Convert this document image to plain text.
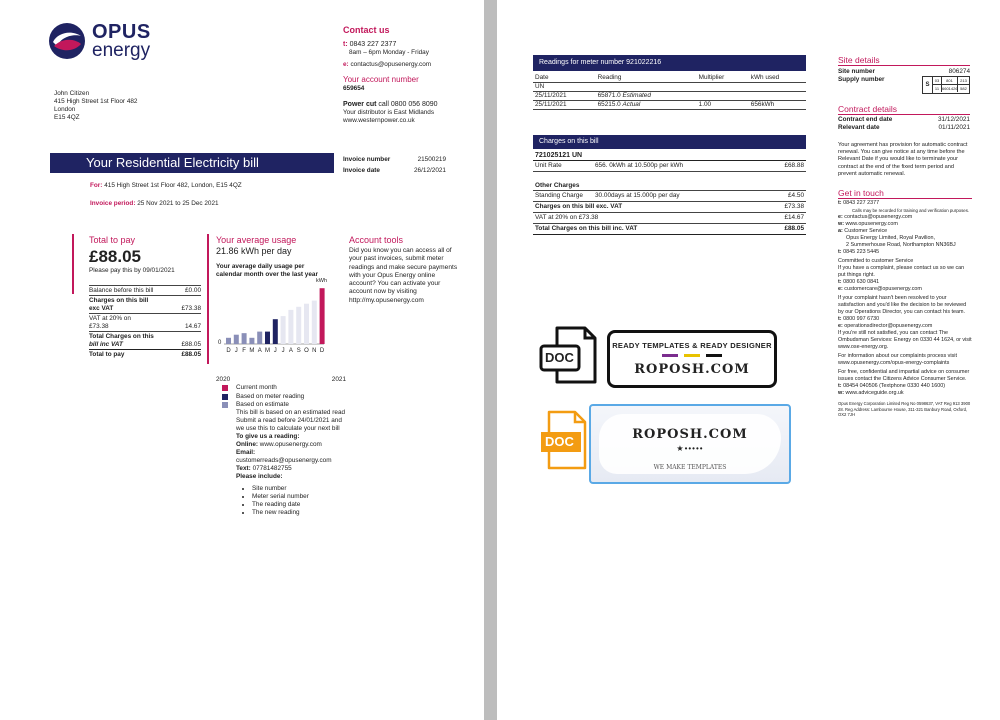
OPUS
energy
John Citizen
415 High Street 1st Floor 482
London
E15 4QZ
Contact us
t: 0843 227 2377
8am – 6pm Monday - Friday
e: contactus@opusenergy.com
Your account number
659654
Power cut call 0800 056 8090
Your distributor is East Midlands
www.westernpower.co.uk
Your Residential Electricity bill	Invoice number	21500219
Invoice date	26/12/2021
For: 415 High Street 1st Floor 482, London, E15 4QZ
Invoice period: 25 Nov 2021 to 25 Dec 2021
Total to pay
£88.05
Please pay this by 09/01/2021
Balance before this bill	£0.00
Charges on this bill
exc VAT	£73.38
VAT at 20% on
£73.38	14.67
Total Charges on this
bill inc VAT	£88.05
Total to pay	£88.05
Your average usage
21.86 kWh per day
Your average daily usage per calendar month over the last year
kWh
0
D J F M A M J J A S O N D
2020	2021
Current month
Based on meter reading
Based on estimate
This bill is based on an estimated read Submit a read before 24/01/2021 and we use this to calculate your next bill
To give us a reading:
Online: www.opusenergy.com
Email: customerreads@opusenergy.com
Text: 07781482755
Please include:
• Site number
• Meter serial number
• The reading date
• The new reading
Account tools
Did you know you can access all of your past invoices, submit meter readings and make secure payments with your Opus Energy online account? You can activate your account now by visiting http://my.opusenergy.com
Readings for meter number 921022216
Date	Reading	Multiplier	kWh used
UN			
25/11/2021	65871.0 Estimated		
25/11/2021	65215.0 Actual	1.00	656kWh
Charges on this bill
721025121 UN
Unit Rate	656. 0kWh at 10.500p per kWh	£68.88
Other Charges
Standing Charge	30.00days at 15.000p per day	£4.50
Charges on this bill exc. VAT	£73.38
VAT at 20% on £73.38	£14.67
Total Charges on this bill inc. VAT	£88.05
DOC
READY TEMPLATES & READY DESIGNER
ROPOSH.COM
DOC	ROPOSH.COM
★•••••
WE MAKE TEMPLATES
Site details
Site number	806274
Supply number
S
03	801	213
11 6601426 582
Contract details
Contract end date	31/12/2021
Relevant date	01/11/2021
Your agreement has provision for automatic contract renewal. You can give notice at any time before the Relevant Date if you would like to terminate your contract at the end of the fixed term period and prevent automatic renewal.
Get in touch
t: 0843 227 2377
Calls may be recorded for training and verification purposes.
e: contactus@opusenergy.com
w: www.opusenergy.com
a: Customer Service
Opus Energy Limited, Royal Pavilion,
2 Summerhouse Road, Northampton NN36BJ
t: 0845 223 5445
Committed to customer Service
If you have a complaint, please contact us so we can put things right.
t: 0800 630 0841
e: customercare@opusenergy.com
If your complaint hasn't been resolved to your satisfaction and you'd like the decision to be reviewed by our Operations Director, you can contact his team.
t: 0800 997 6730
e: operationsdirector@opusenergy.com
If you're still not satisfied, you can contact The Ombudsman Services: Energy on 0330 44 1624, or visit www.ose-energy.org.
For information about our complaints process visit www.opusenergy.com/opus-energy-complaints
For free, confidential and impartial advice on consumer issues contact the Citizens Advice Consumer Service.
t: 08454 040506 (Textphone 0330 440 1600)
w: www.adviceguide.org.uk
Opus Energy Corporation Limited Reg No 0598637, VAT Reg 913 3900 28. Reg Address: Lambourne House, 311-321 Banbury Road, Oxford, OX2 7JH
